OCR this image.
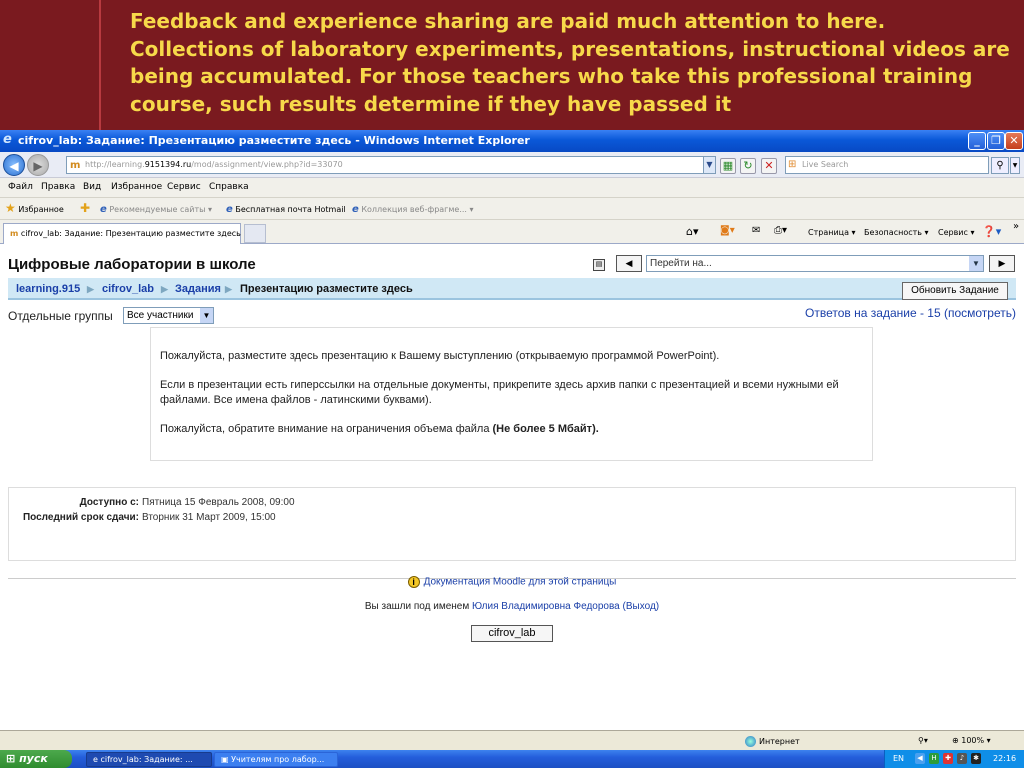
Feedback and experience sharing are paid much attention to here. Collections of laboratory experiments, presentations, instructional videos are being accumulated. For those teachers who take this professional training course, such results determine if they have passed it

e cifrov_lab: Задание: Презентацию разместите здесь - Windows Internet Explorer	_	❐ ✕
◀	▶	m http://learning.9151394.ru/mod/assignment/view.php?id=33070	▼ ▦ ↻	✕	⊞ Live Search	⚲	▼
Файл Правка Вид Избранное Сервис Справка
★ Избранное ✚ e Рекомендуемые сайты ▾ e Бесплатная почта Hotmail e Коллекция веб-фрагме... ▾
m cifrov_lab: Задание: Презентацию разместите здесь	⌂▾ ◙▾ ✉ ⎙▾	Страница ▾ Безопасность ▾ Сервис ▾ ❓▾ »
Цифровые лаборатории в школе	▤	◀	Перейти на...	▼	▶
learning.915 ▶ cifrov_lab ▶ Задания ▶ Презентацию разместите здесь	Обновить Задание
Отдельные группы	Все участники	▼	Ответов на задание - 15 (посмотреть)

Пожалуйста, разместите здесь презентацию к Вашему выступлению (открываемую программой PowerPoint).

Если в презентации есть гиперссылки на отдельные документы, прикрепите здесь архив папки с презентацией и всеми нужными ей файлами. Все имена файлов - латинскими буквами).

Пожалуйста, обратите внимание на ограничения объема файла (Не более 5 Мбайт).

Доступно с: Пятница 15 Февраль 2008, 09:00
Последний срок сдачи: Вторник 31 Март 2009, 15:00
i Документация Moodle для этой страницы
Вы зашли под именем Юлия Владимировна Федорова (Выход)
cifrov_lab
Интернет	⚲▾	⊕ 100% ▾
⊞ пуск	e cifrov_lab: Задание: ...	▣ Учителям про лабор...	EN	◀	H	✚	♪	✱ 22:16
